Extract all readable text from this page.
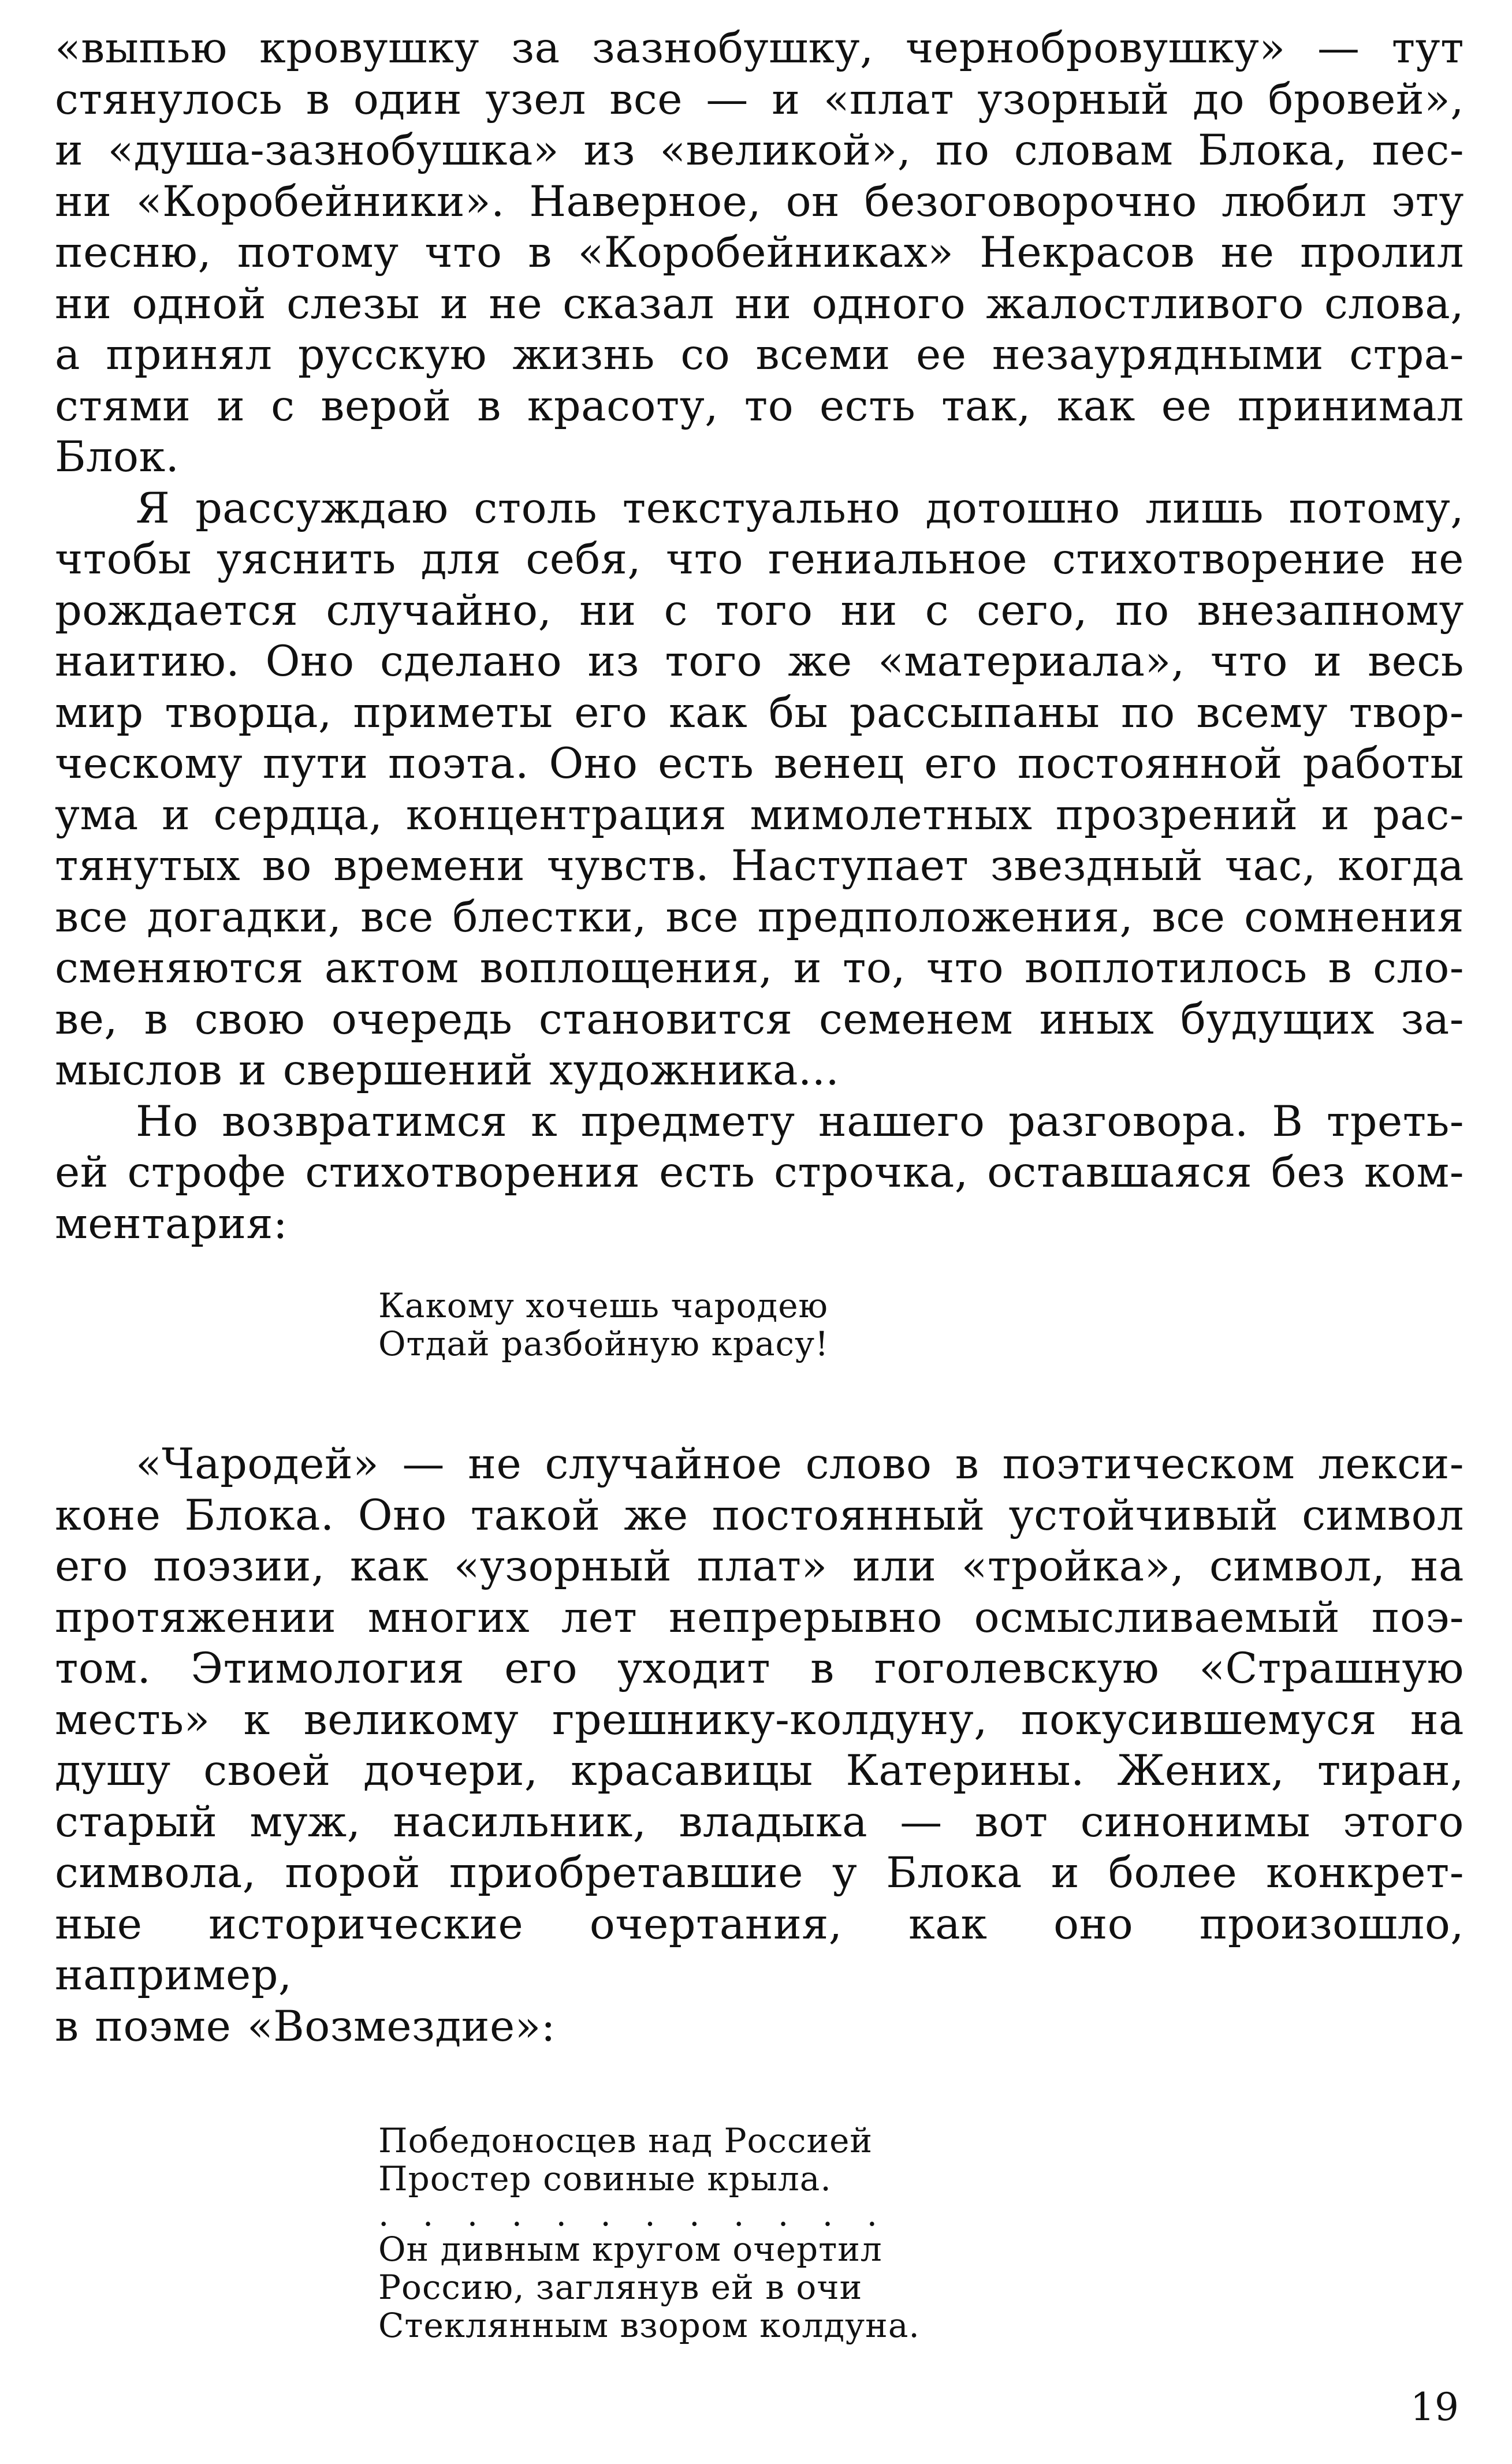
«выпью кровушку за зазнобушку, чернобровушку» — тут
стянулось в один узел все — и «плат узорный до бровей»,
и «душа-зазнобушка» из «великой», по словам Блока, пес-
ни «Коробейники». Наверное, он безоговорочно любил эту
песню, потому что в «Коробейниках» Некрасов не пролил
ни одной слезы и не сказал ни одного жалостливого слова,
а принял русскую жизнь со всеми ее незаурядными стра-
стями и с верой в красоту, то есть так, как ее принимал
Блок.
Я рассуждаю столь текстуально дотошно лишь потому,
чтобы уяснить для себя, что гениальное стихотворение не
рождается случайно, ни с того ни с сего, по внезапному
наитию. Оно сделано из того же «материала», что и весь
мир творца, приметы его как бы рассыпаны по всему твор-
ческому пути поэта. Оно есть венец его постоянной работы
ума и сердца, концентрация мимолетных прозрений и рас-
тянутых во времени чувств. Наступает звездный час, когда
все догадки, все блестки, все предположения, все сомнения
сменяются актом воплощения, и то, что воплотилось в сло-
ве, в свою очередь становится семенем иных будущих за-
мыслов и свершений художника...
Но возвратимся к предмету нашего разговора. В треть-
ей строфе стихотворения есть строчка, оставшаяся без ком-
ментария:
Какому хочешь чародею
Отдай разбойную красу!
«Чародей» — не случайное слово в поэтическом лекси-
коне Блока. Оно такой же постоянный устойчивый символ
его поэзии, как «узорный плат» или «тройка», символ, на
протяжении многих лет непрерывно осмысливаемый поэ-
том. Этимология его уходит в гоголевскую «Страшную
месть» к великому грешнику-колдуну, покусившемуся на
душу своей дочери, красавицы Катерины. Жених, тиран,
старый муж, насильник, владыка — вот синонимы этого
символа, порой приобретавшие у Блока и более конкрет-
ные исторические очертания, как оно произошло, например,
в поэме «Возмездие»:
Победоносцев над Россией
Простер совиные крыла.
. . . . . . . . . . . .
Он дивным кругом очертил
Россию, заглянув ей в очи
Стеклянным взором колдуна.
19
